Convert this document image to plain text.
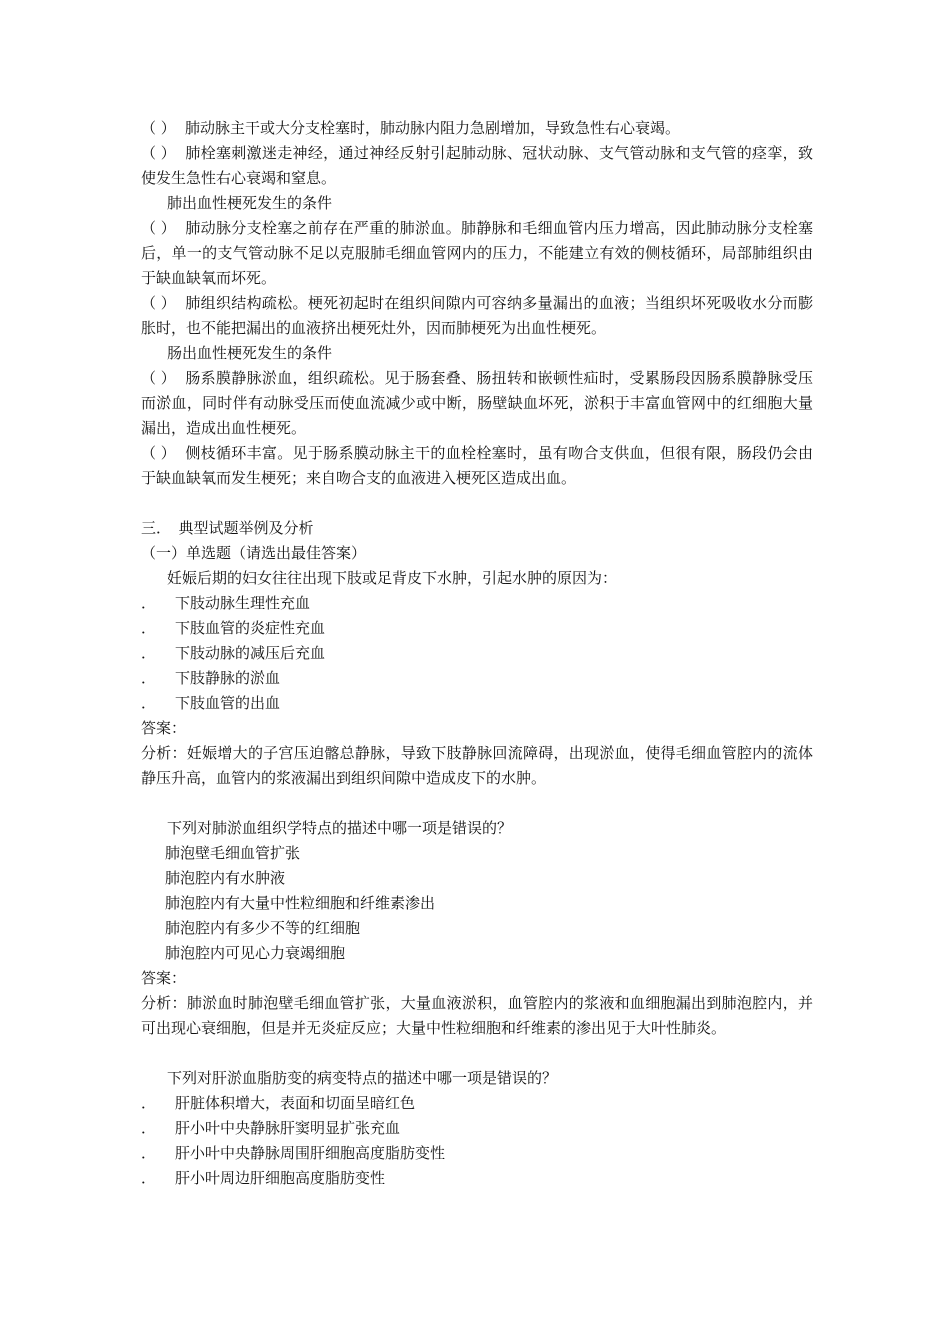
（ ） 肺动脉主干或大分支栓塞时，肺动脉内阻力急剧增加，导致急性右心衰竭。

（ ） 肺栓塞刺激迷走神经，通过神经反射引起肺动脉、冠状动脉、支气管动脉和支气管的痉挛，致使发生急性右心衰竭和窒息。

肺出血性梗死发生的条件

（ ） 肺动脉分支栓塞之前存在严重的肺淤血。肺静脉和毛细血管内压力增高，因此肺动脉分支栓塞后，单一的支气管动脉不足以克服肺毛细血管网内的压力，不能建立有效的侧枝循环，局部肺组织由于缺血缺氧而坏死。

（ ） 肺组织结构疏松。梗死初起时在组织间隙内可容纳多量漏出的血液；当组织坏死吸收水分而膨胀时，也不能把漏出的血液挤出梗死灶外，因而肺梗死为出血性梗死。

肠出血性梗死发生的条件

（ ） 肠系膜静脉淤血，组织疏松。见于肠套叠、肠扭转和嵌顿性疝时，受累肠段因肠系膜静脉受压而淤血，同时伴有动脉受压而使血流减少或中断，肠壁缺血坏死，淤积于丰富血管网中的红细胞大量漏出，造成出血性梗死。

（ ） 侧枝循环丰富。见于肠系膜动脉主干的血栓栓塞时，虽有吻合支供血，但很有限，肠段仍会由于缺血缺氧而发生梗死；来自吻合支的血液进入梗死区造成出血。

三．　典型试题举例及分析

（一）单选题（请选出最佳答案）

妊娠后期的妇女往往出现下肢或足背皮下水肿，引起水肿的原因为：

． 下肢动脉生理性充血

． 下肢血管的炎症性充血

． 下肢动脉的减压后充血

． 下肢静脉的淤血

． 下肢血管的出血

答案：

分析：妊娠增大的子宫压迫髂总静脉，导致下肢静脉回流障碍，出现淤血，使得毛细血管腔内的流体静压升高，血管内的浆液漏出到组织间隙中造成皮下的水肿。

下列对肺淤血组织学特点的描述中哪一项是错误的？

肺泡壁毛细血管扩张

肺泡腔内有水肿液

肺泡腔内有大量中性粒细胞和纤维素渗出

肺泡腔内有多少不等的红细胞

肺泡腔内可见心力衰竭细胞

答案：

分析：肺淤血时肺泡壁毛细血管扩张，大量血液淤积，血管腔内的浆液和血细胞漏出到肺泡腔内，并可出现心衰细胞，但是并无炎症反应；大量中性粒细胞和纤维素的渗出见于大叶性肺炎。

下列对肝淤血脂肪变的病变特点的描述中哪一项是错误的？

． 肝脏体积增大，表面和切面呈暗红色

． 肝小叶中央静脉肝窦明显扩张充血

． 肝小叶中央静脉周围肝细胞高度脂肪变性

． 肝小叶周边肝细胞高度脂肪变性
